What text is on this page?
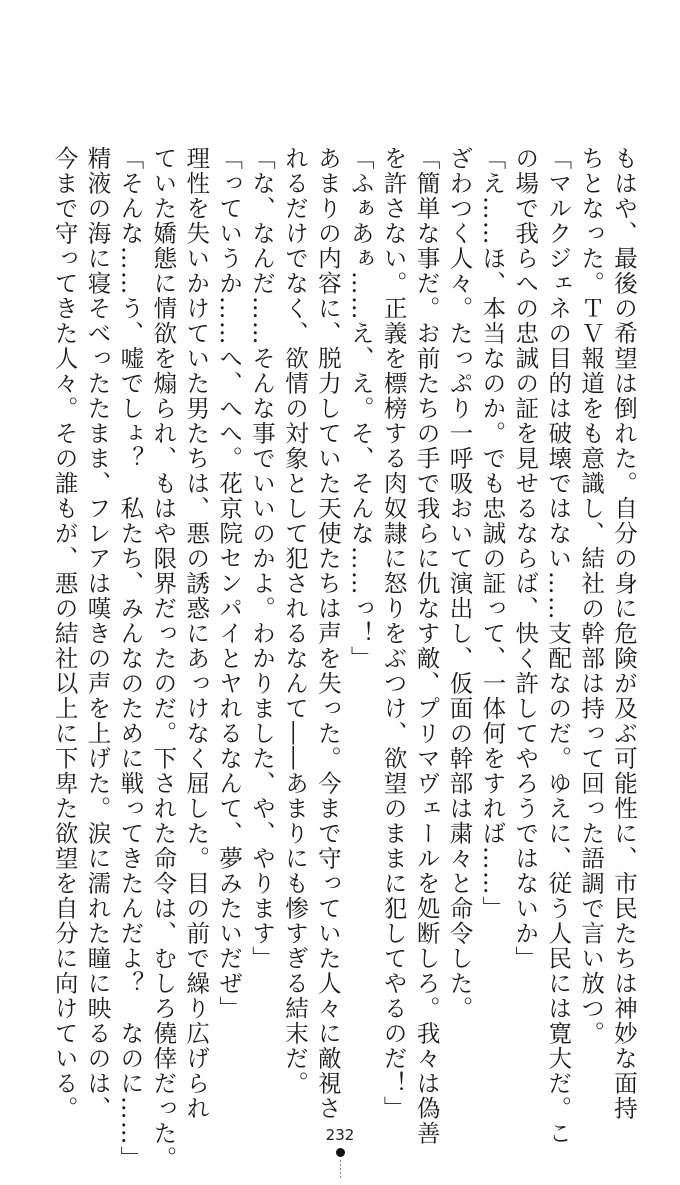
もはや、最後の希望は倒れた。自分の身に危険が及ぶ可能性に、市民たちは神妙な面持
ちとなった。ＴＶ報道をも意識し、結社の幹部は持って回った語調で言い放つ。
「マルクジェネの目的は破壊ではない……支配なのだ。ゆえに、従う人民には寛大だ。こ
の場で我らへの忠誠の証を見せるならば、快く許してやろうではないか」
「え……ほ、本当なのか。でも忠誠の証って、一体何をすれば……」
ざわつく人々。たっぷり一呼吸おいて演出し、仮面の幹部は粛々と命令した。
「簡単な事だ。お前たちの手で我らに仇なす敵、プリマヴェールを処断しろ。我々は偽善
を許さない。正義を標榜する肉奴隷に怒りをぶつけ、欲望のままに犯してやるのだ！」
「ふぁあぁ……え、え。そ、そんな……っ！」
あまりの内容に、脱力していた天使たちは声を失った。今まで守っていた人々に敵視さ
れるだけでなく、欲情の対象として犯されるなんて――あまりにも惨すぎる結末だ。
「な、なんだ……そんな事でいいのかよ。わかりました、や、やります」
「っていうか……へ、へへ。花京院センパイとヤれるなんて、夢みたいだぜ」
理性を失いかけていた男たちは、悪の誘惑にあっけなく屈した。目の前で繰り広げられ
ていた嬌態に情欲を煽られ、もはや限界だったのだ。下された命令は、むしろ僥倖だった。
「そんな……う、嘘でしょ？　私たち、みんなのために戦ってきたんだよ？　なのに……」
精液の海に寝そべったたまま、フレアは嘆きの声を上げた。涙に濡れた瞳に映るのは、
今まで守ってきた人々。その誰もが、悪の結社以上に下卑た欲望を自分に向けている。
232
